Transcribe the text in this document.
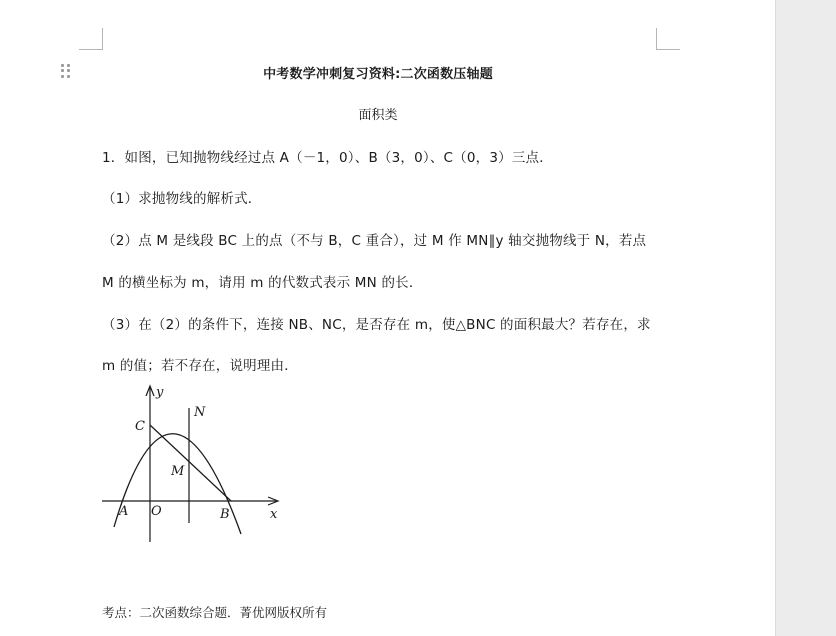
中考数学冲刺复习资料:二次函数压轴题
面积类
1．如图，已知抛物线经过点 A（－1，0）、B（3，0）、C（0，3）三点．
（1）求抛物线的解析式．
（2）点 M 是线段 BC 上的点（不与 B，C 重合），过 M 作 MN∥y 轴交抛物线于 N，若点
M 的横坐标为 m，请用 m 的代数式表示 MN 的长．
（3）在（2）的条件下，连接 NB、NC，是否存在 m，使△BNC 的面积最大？若存在，求
m 的值；若不存在，说明理由．
y
x
N
C
M
A O	B
考点：二次函数综合题．菁优网版权所有
